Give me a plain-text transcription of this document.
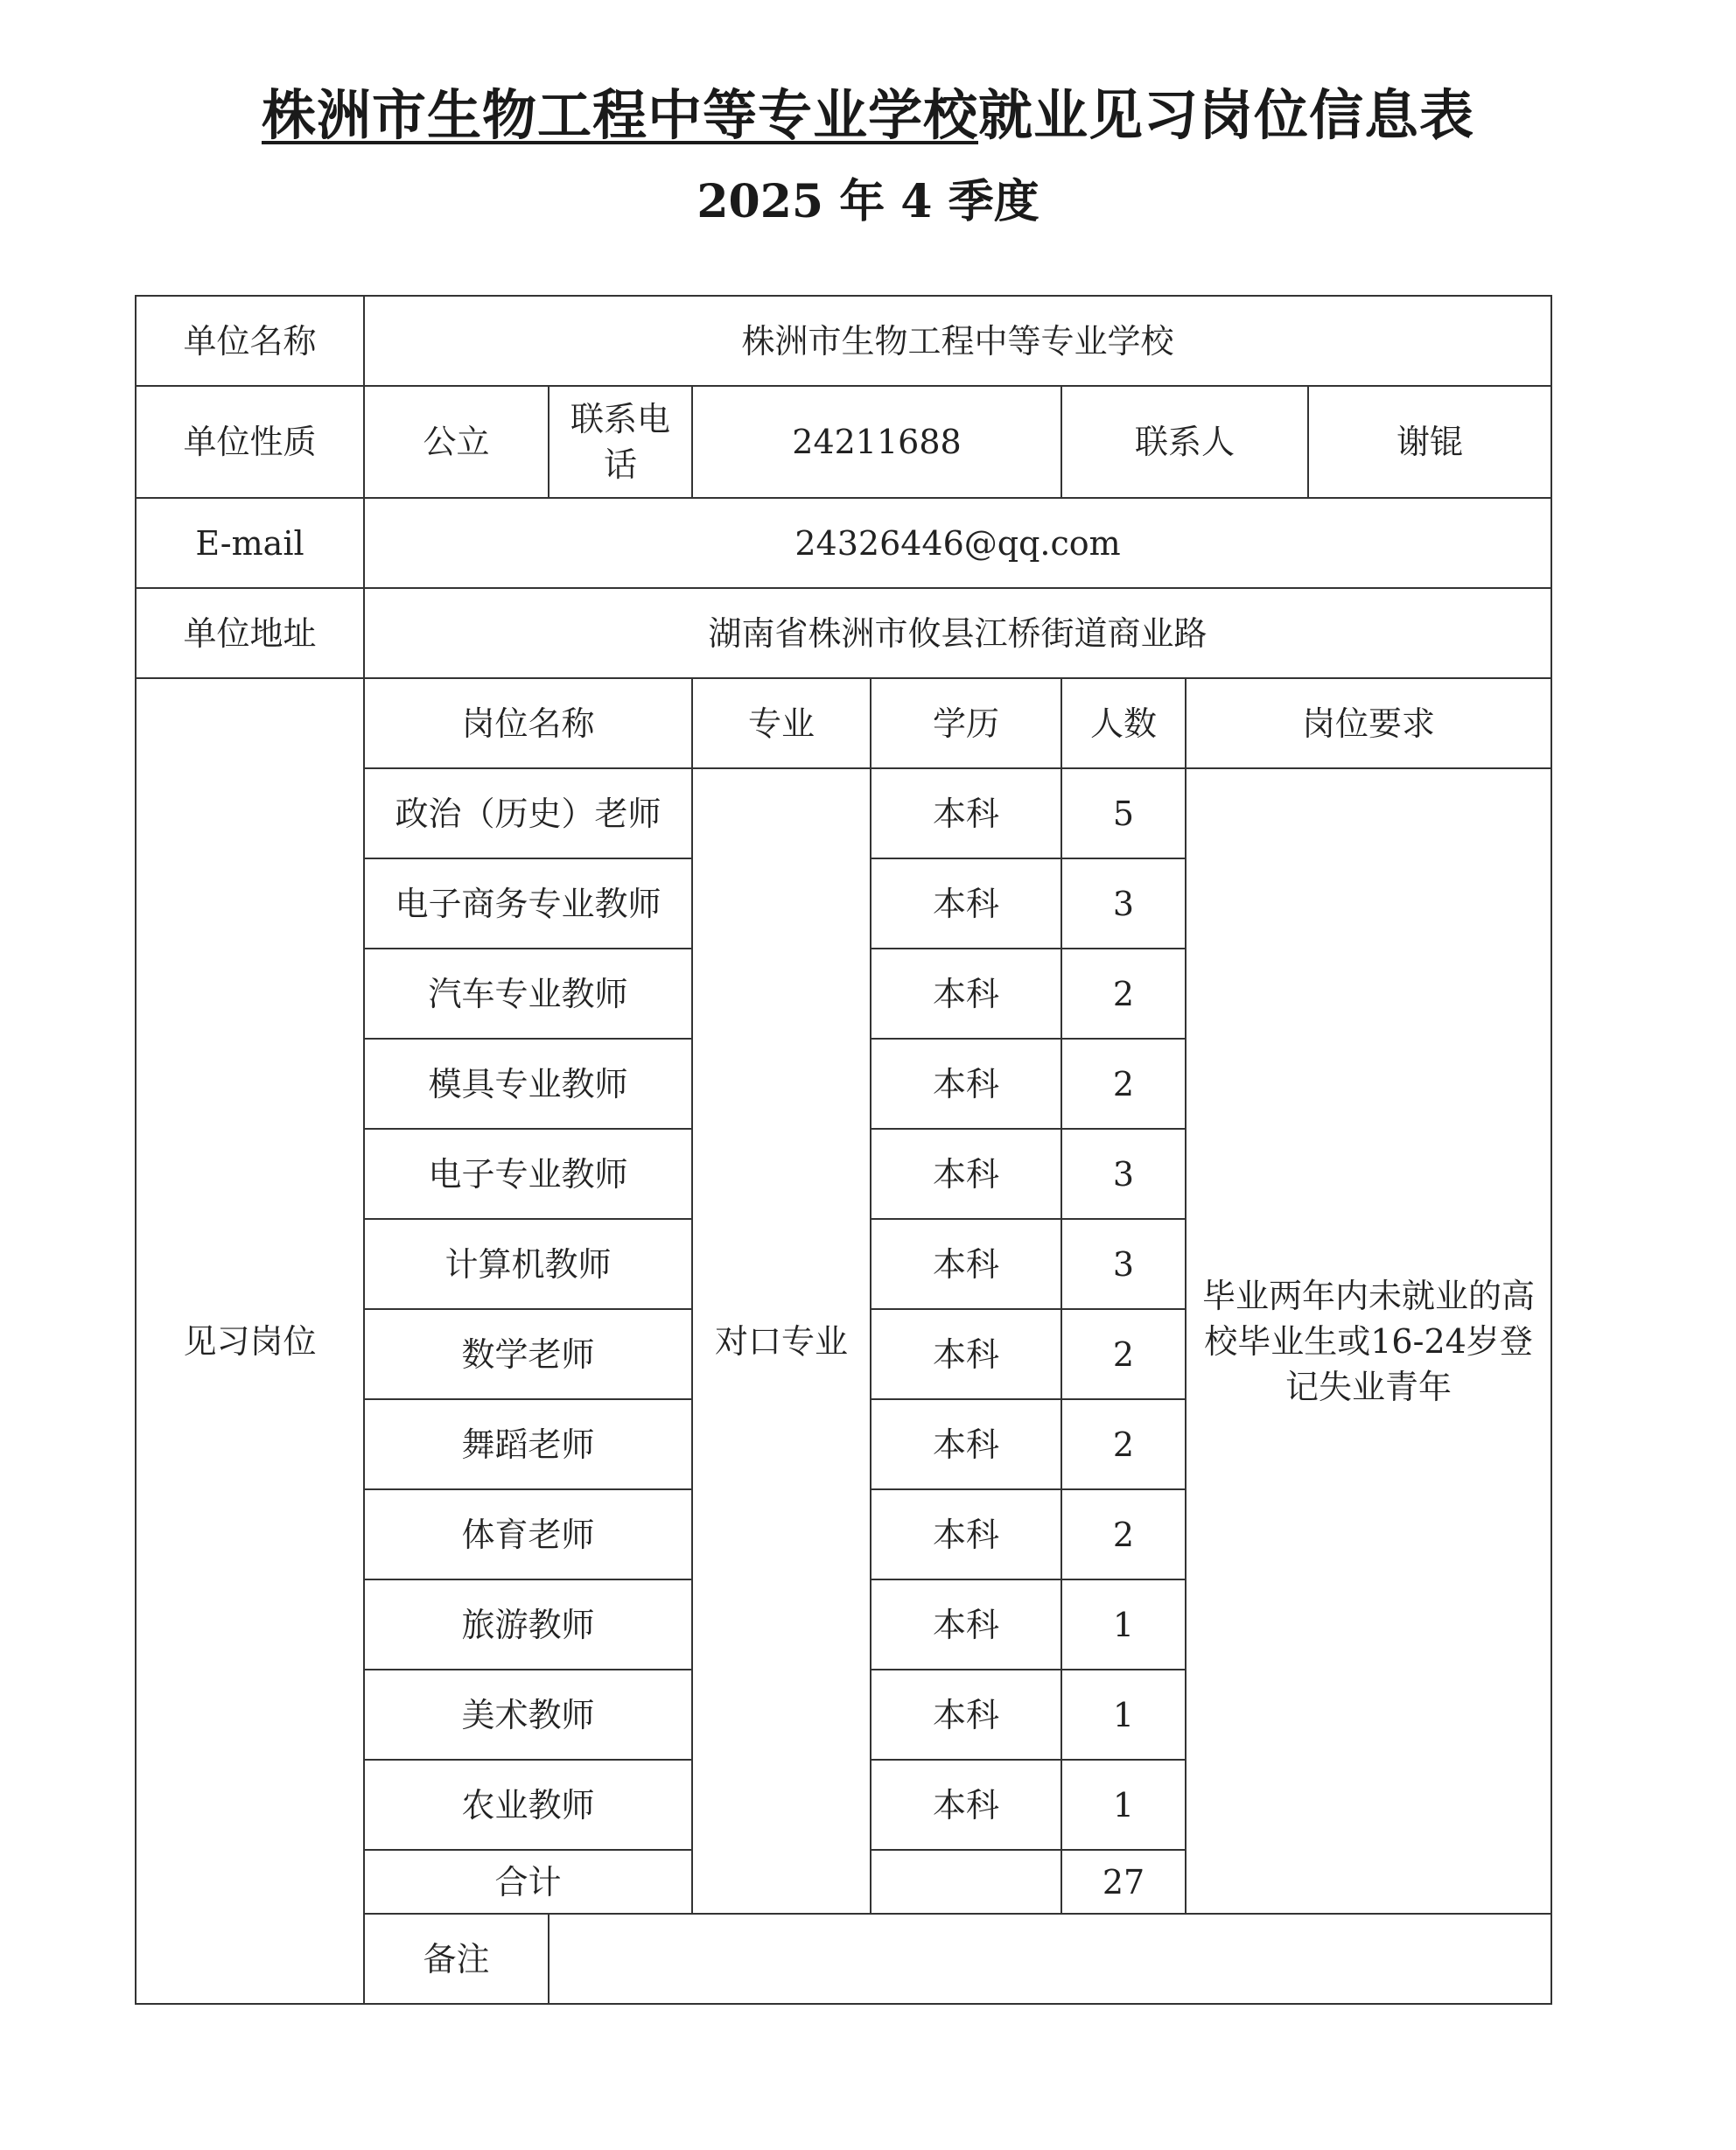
株洲市生物工程中等专业学校就业见习岗位信息表
2025 年 4 季度
单位名称	株洲市生物工程中等专业学校						
单位性质	公立	联系电话	24211688		联系人		谢锟
E-mail	24326446@qq.com						
单位地址	湖南省株洲市攸县江桥街道商业路						
见习岗位	岗位名称		专业	学历	人数	岗位要求	
	政治（历史）老师		对口专业	本科	5	毕业两年内未就业的高校毕业生或16-24岁登记失业青年	
	电子商务专业教师			本科	3		
	汽车专业教师			本科	2		
	模具专业教师			本科	2		
	电子专业教师			本科	3		
	计算机教师			本科	3		
	数学老师			本科	2		
	舞蹈老师			本科	2		
	体育老师			本科	2		
	旅游教师			本科	1		
	美术教师			本科	1		
	农业教师			本科	1		
	合计				27		
	备注						
